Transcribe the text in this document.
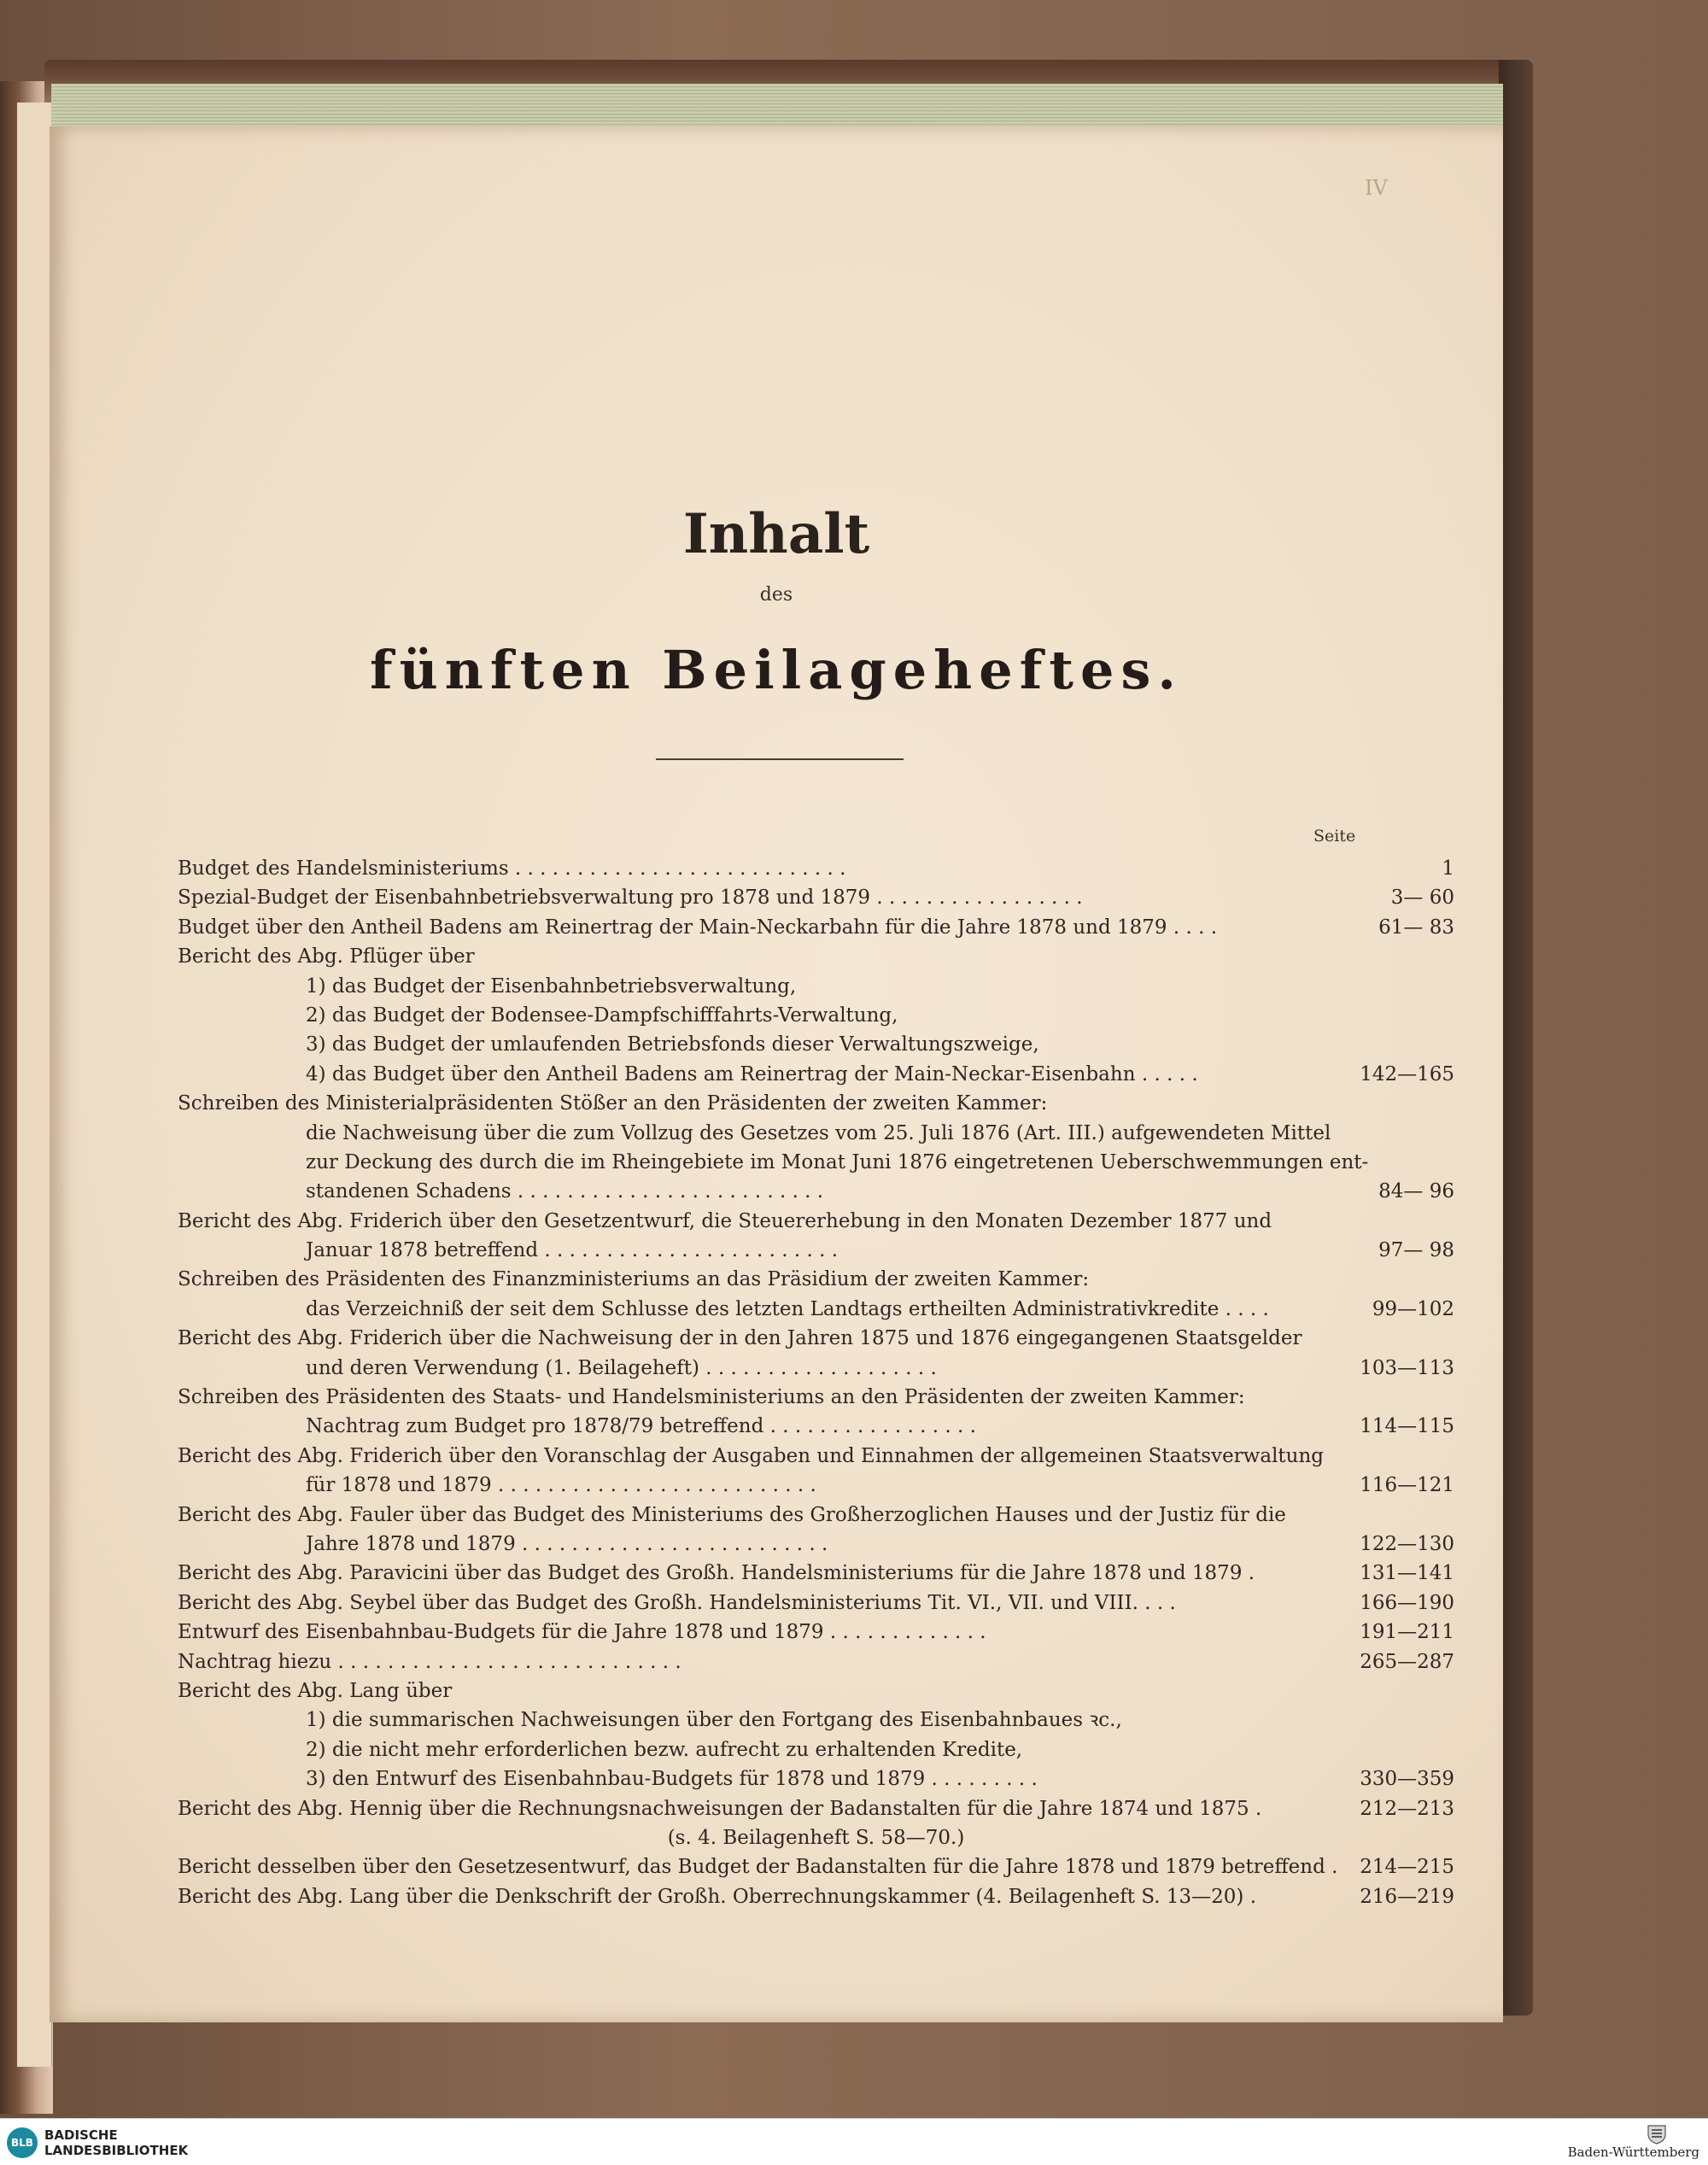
IV
Inhalt
des
fünften Beilageheftes.
Seite
Budget des Handelsministeriums . . . . . . . . . . . . . . . . . . . . . . . . . . .	1
Spezial-Budget der Eisenbahnbetriebsverwaltung pro 1878 und 1879 . . . . . . . . . . . . . . . . .	3— 60
Budget über den Antheil Badens am Reinertrag der Main-Neckarbahn für die Jahre 1878 und 1879 . . . .	61— 83
Bericht des Abg. Pflüger über
1) das Budget der Eisenbahnbetriebsverwaltung,
2) das Budget der Bodensee-Dampfschifffahrts-Verwaltung,
3) das Budget der umlaufenden Betriebsfonds dieser Verwaltungszweige,
4) das Budget über den Antheil Badens am Reinertrag der Main-Neckar-Eisenbahn . . . . .	142—165
Schreiben des Ministerialpräsidenten Stößer an den Präsidenten der zweiten Kammer:
die Nachweisung über die zum Vollzug des Gesetzes vom 25. Juli 1876 (Art. III.) aufgewendeten Mittel
zur Deckung des durch die im Rheingebiete im Monat Juni 1876 eingetretenen Ueberschwemmungen ent-
standenen Schadens . . . . . . . . . . . . . . . . . . . . . . . . .	84— 96
Bericht des Abg. Friderich über den Gesetzentwurf, die Steuererhebung in den Monaten Dezember 1877 und
Januar 1878 betreffend . . . . . . . . . . . . . . . . . . . . . . . .	97— 98
Schreiben des Präsidenten des Finanzministeriums an das Präsidium der zweiten Kammer:
das Verzeichniß der seit dem Schlusse des letzten Landtags ertheilten Administrativkredite . . . .	99—102
Bericht des Abg. Friderich über die Nachweisung der in den Jahren 1875 und 1876 eingegangenen Staatsgelder
und deren Verwendung (1. Beilageheft) . . . . . . . . . . . . . . . . . . .	103—113
Schreiben des Präsidenten des Staats- und Handelsministeriums an den Präsidenten der zweiten Kammer:
Nachtrag zum Budget pro 1878/79 betreffend . . . . . . . . . . . . . . . . .	114—115
Bericht des Abg. Friderich über den Voranschlag der Ausgaben und Einnahmen der allgemeinen Staatsverwaltung
für 1878 und 1879 . . . . . . . . . . . . . . . . . . . . . . . . . .	116—121
Bericht des Abg. Fauler über das Budget des Ministeriums des Großherzoglichen Hauses und der Justiz für die
Jahre 1878 und 1879 . . . . . . . . . . . . . . . . . . . . . . . . .	122—130
Bericht des Abg. Paravicini über das Budget des Großh. Handelsministeriums für die Jahre 1878 und 1879 .	131—141
Bericht des Abg. Seybel über das Budget des Großh. Handelsministeriums Tit. VI., VII. und VIII. . . .	166—190
Entwurf des Eisenbahnbau-Budgets für die Jahre 1878 und 1879 . . . . . . . . . . . . .	191—211
Nachtrag hiezu . . . . . . . . . . . . . . . . . . . . . . . . . . . .	265—287
Bericht des Abg. Lang über
1) die summarischen Nachweisungen über den Fortgang des Eisenbahnbaues ꝛc.,
2) die nicht mehr erforderlichen bezw. aufrecht zu erhaltenden Kredite,
3) den Entwurf des Eisenbahnbau-Budgets für 1878 und 1879 . . . . . . . . .	330—359
Bericht des Abg. Hennig über die Rechnungsnachweisungen der Badanstalten für die Jahre 1874 und 1875 .	212—213
(s. 4. Beilagenheft S. 58—70.)
Bericht desselben über den Gesetzesentwurf, das Budget der Badanstalten für die Jahre 1878 und 1879 betreffend . 214—215
Bericht des Abg. Lang über die Denkschrift der Großh. Oberrechnungskammer (4. Beilagenheft S. 13—20) .	216—219
BLB BADISCHE
LANDESBIBLIOTHEK	Baden-Württemberg
